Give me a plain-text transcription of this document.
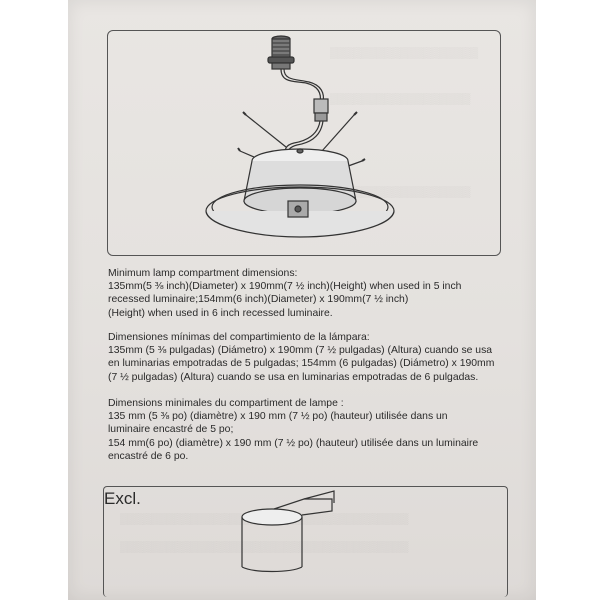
Minimum lamp compartment dimensions:

135mm(5 ⅜ inch)(Diameter) x 190mm(7 ½ inch)(Height) when used in 5 inch

recessed luminaire;154mm(6 inch)(Diameter) x 190mm(7 ½ inch)

(Height) when used in 6 inch recessed luminaire.

Dimensiones mínimas del compartimiento de la lámpara:

135mm (5 ⅜ pulgadas) (Diámetro) x 190mm (7 ½ pulgadas) (Altura) cuando se usa

en luminarias empotradas de 5 pulgadas; 154mm (6 pulgadas) (Diámetro) x 190mm

(7 ½ pulgadas) (Altura) cuando se usa en luminarias empotradas de 6 pulgadas.

Dimensions minimales du compartiment de lampe :

135 mm (5 ⅜ po) (diamètre) x 190 mm (7 ½ po) (hauteur) utilisée dans un

luminaire encastré de 5 po;

154 mm(6 po) (diamètre) x 190 mm (7 ½ po) (hauteur) utilisée dans un luminaire

encastré de 6 po.

Excl.
